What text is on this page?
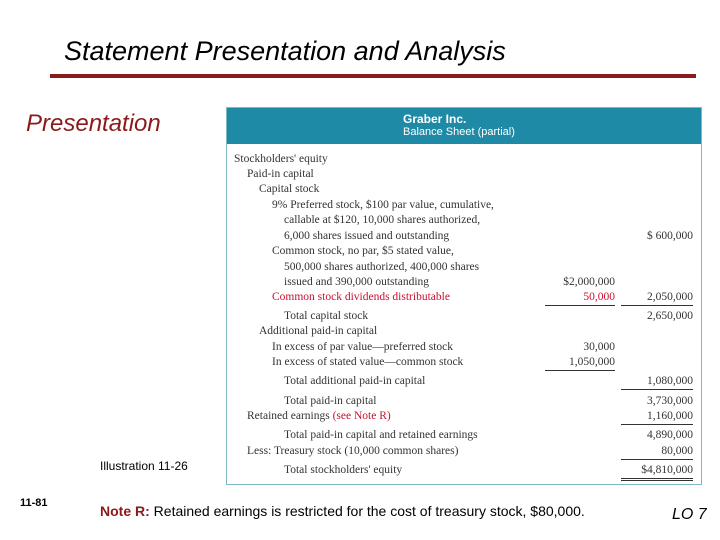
Statement Presentation and Analysis
Presentation	Graber Inc.
Balance Sheet (partial)
Stockholders' equity
Paid-in capital
Capital stock
9% Preferred stock, $100 par value, cumulative,
callable at $120, 10,000 shares authorized,
6,000 shares issued and outstanding	$ 600,000
Common stock, no par, $5 stated value,
500,000 shares authorized, 400,000 shares
issued and 390,000 outstanding	$2,000,000
Common stock dividends distributable	50,000	2,050,000
Total capital stock	2,650,000
Additional paid-in capital
In excess of par value—preferred stock	30,000
In excess of stated value—common stock	1,050,000
Total additional paid-in capital	1,080,000
Total paid-in capital	3,730,000
Retained earnings (see Note R)	1,160,000
Total paid-in capital and retained earnings	4,890,000
Less: Treasury stock (10,000 common shares)	80,000
Total stockholders' equity	$4,810,000
Illustration 11-26
11-81	Note R: Retained earnings is restricted for the cost of treasury stock, $80,000.	LO 7
